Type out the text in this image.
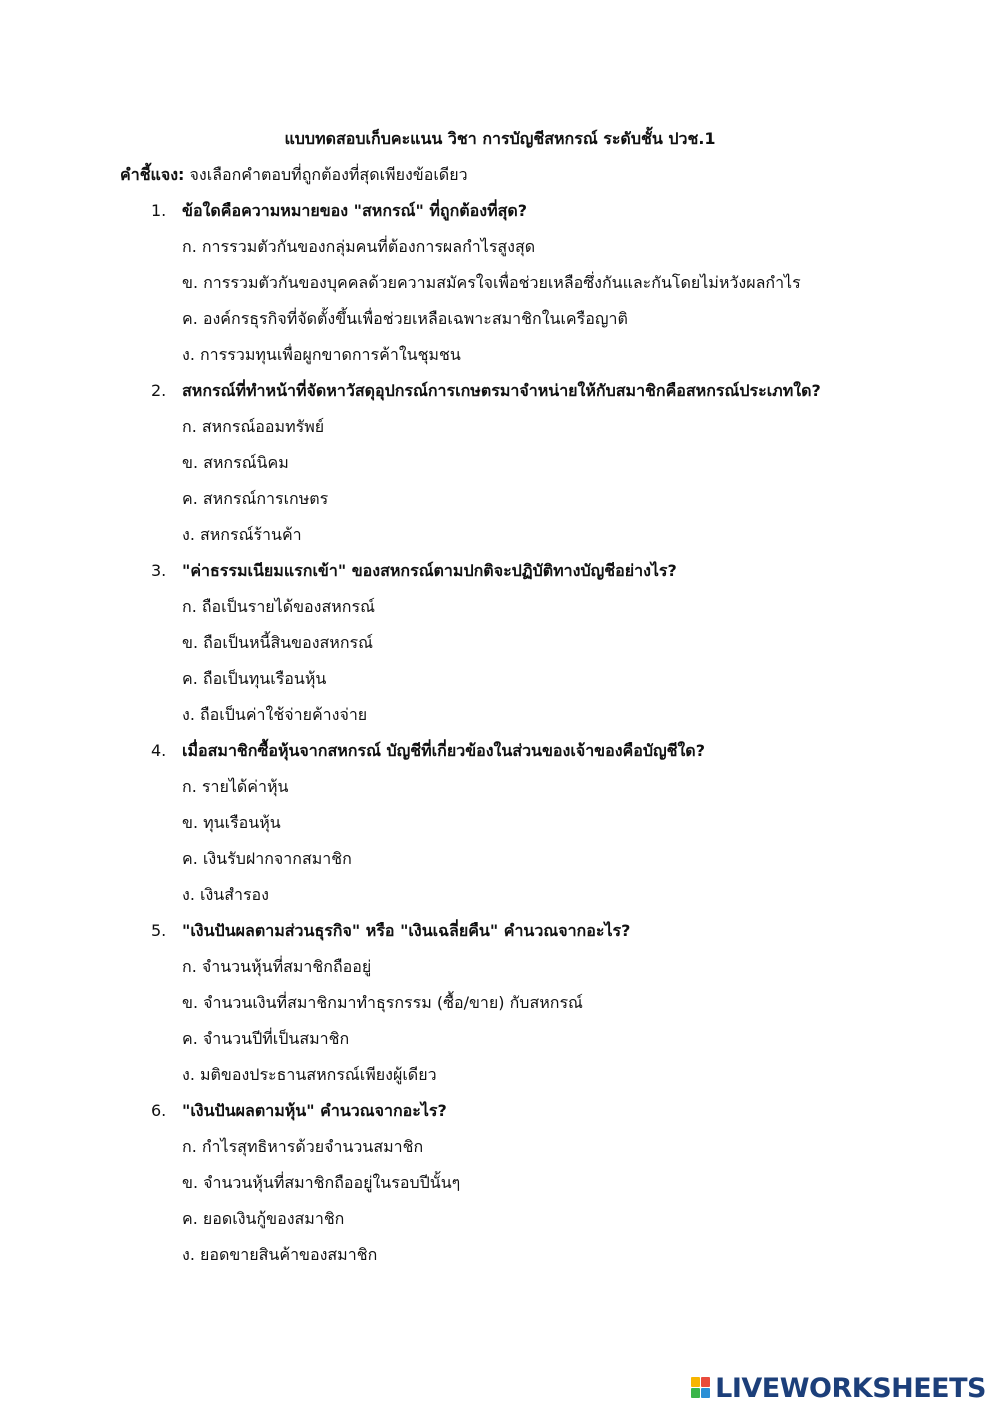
แบบทดสอบเก็บคะแนน วิชา การบัญชีสหกรณ์ ระดับชั้น ปวช.1
คำชี้แจง: จงเลือกคำตอบที่ถูกต้องที่สุดเพียงข้อเดียว
1. ข้อใดคือความหมายของ "สหกรณ์" ที่ถูกต้องที่สุด?
ก. การรวมตัวกันของกลุ่มคนที่ต้องการผลกำไรสูงสุด
ข. การรวมตัวกันของบุคคลด้วยความสมัครใจเพื่อช่วยเหลือซึ่งกันและกันโดยไม่หวังผลกำไร
ค. องค์กรธุรกิจที่จัดตั้งขึ้นเพื่อช่วยเหลือเฉพาะสมาชิกในเครือญาติ
ง. การรวมทุนเพื่อผูกขาดการค้าในชุมชน
2. สหกรณ์ที่ทำหน้าที่จัดหาวัสดุอุปกรณ์การเกษตรมาจำหน่ายให้กับสมาชิกคือสหกรณ์ประเภทใด?
ก. สหกรณ์ออมทรัพย์
ข. สหกรณ์นิคม
ค. สหกรณ์การเกษตร
ง. สหกรณ์ร้านค้า
3. "ค่าธรรมเนียมแรกเข้า" ของสหกรณ์ตามปกติจะปฏิบัติทางบัญชีอย่างไร?
ก. ถือเป็นรายได้ของสหกรณ์
ข. ถือเป็นหนี้สินของสหกรณ์
ค. ถือเป็นทุนเรือนหุ้น
ง. ถือเป็นค่าใช้จ่ายค้างจ่าย
4. เมื่อสมาชิกซื้อหุ้นจากสหกรณ์ บัญชีที่เกี่ยวข้องในส่วนของเจ้าของคือบัญชีใด?
ก. รายได้ค่าหุ้น
ข. ทุนเรือนหุ้น
ค. เงินรับฝากจากสมาชิก
ง. เงินสำรอง
5. "เงินปันผลตามส่วนธุรกิจ" หรือ "เงินเฉลี่ยคืน" คำนวณจากอะไร?
ก. จำนวนหุ้นที่สมาชิกถืออยู่
ข. จำนวนเงินที่สมาชิกมาทำธุรกรรม (ซื้อ/ขาย) กับสหกรณ์
ค. จำนวนปีที่เป็นสมาชิก
ง. มติของประธานสหกรณ์เพียงผู้เดียว
6. "เงินปันผลตามหุ้น" คำนวณจากอะไร?
ก. กำไรสุทธิหารด้วยจำนวนสมาชิก
ข. จำนวนหุ้นที่สมาชิกถืออยู่ในรอบปีนั้นๆ
ค. ยอดเงินกู้ของสมาชิก
ง. ยอดขายสินค้าของสมาชิก
LIVEWORKSHEETS
